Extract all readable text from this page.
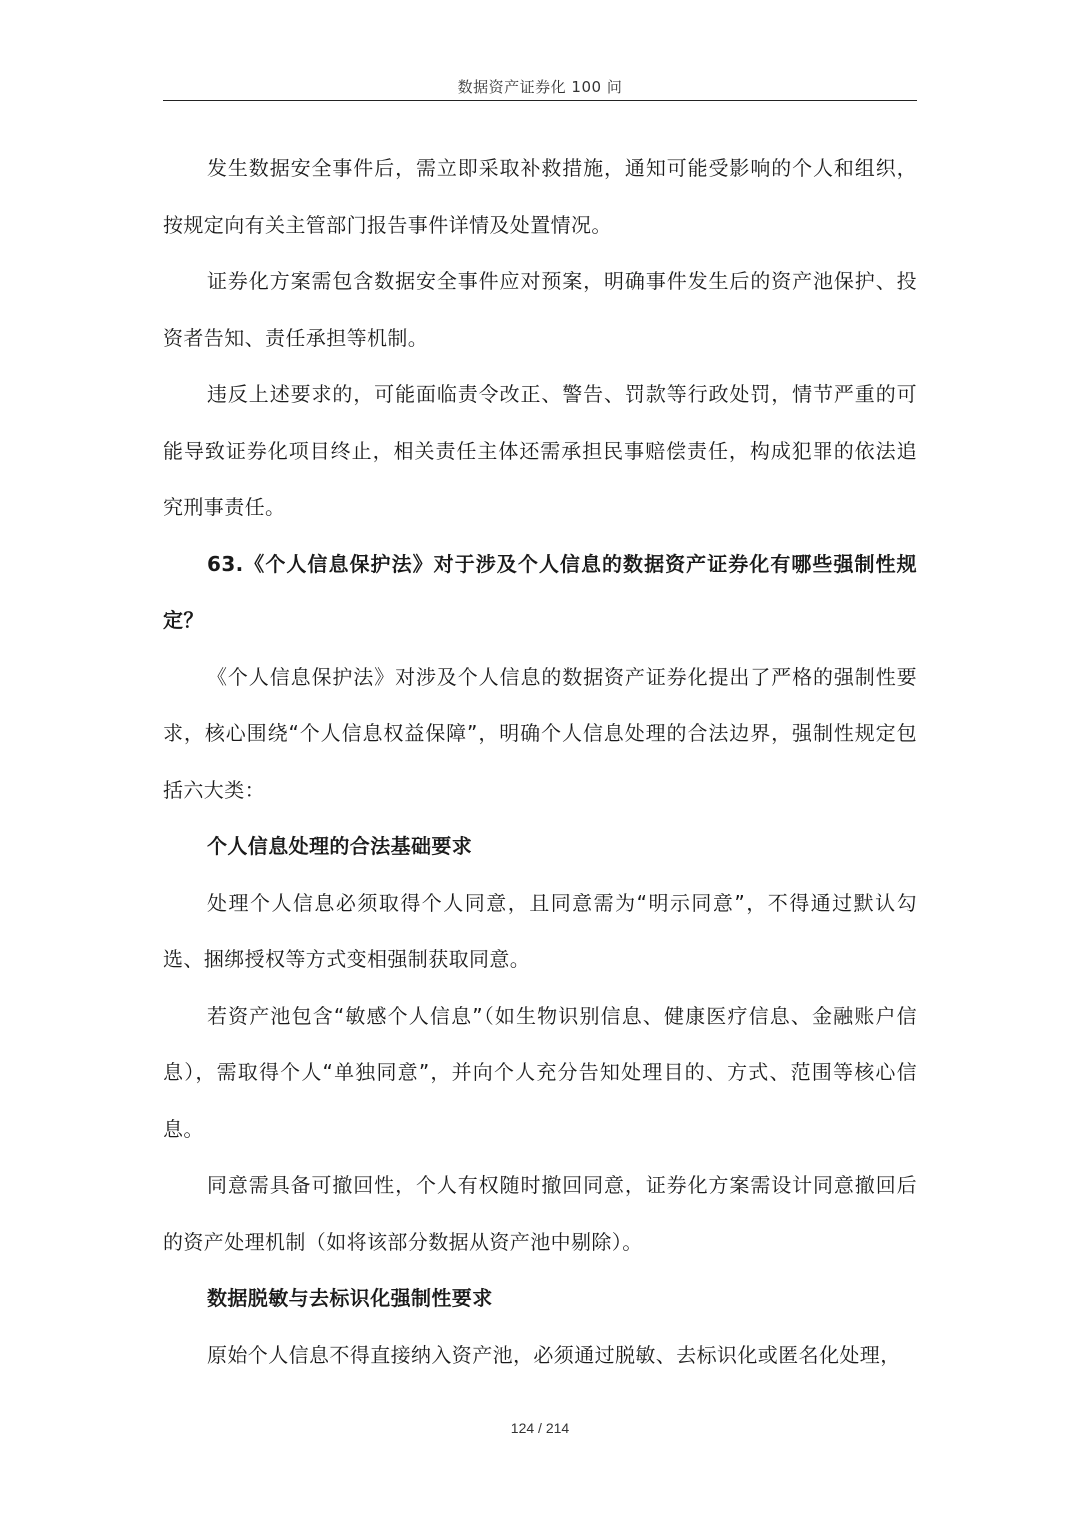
数据资产证券化 100 问

发生数据安全事件后，需立即采取补救措施，通知可能受影响的个人和组织，按规定向有关主管部门报告事件详情及处置情况。

证券化方案需包含数据安全事件应对预案，明确事件发生后的资产池保护、投资者告知、责任承担等机制。

违反上述要求的，可能面临责令改正、警告、罚款等行政处罚，情节严重的可能导致证券化项目终止，相关责任主体还需承担民事赔偿责任，构成犯罪的依法追究刑事责任。

63.《个人信息保护法》对于涉及个人信息的数据资产证券化有哪些强制性规定？

《个人信息保护法》对涉及个人信息的数据资产证券化提出了严格的强制性要求，核心围绕“个人信息权益保障”，明确个人信息处理的合法边界，强制性规定包括六大类：

个人信息处理的合法基础要求

处理个人信息必须取得个人同意，且同意需为“明示同意”，不得通过默认勾选、捆绑授权等方式变相强制获取同意。

若资产池包含“敏感个人信息”（如生物识别信息、健康医疗信息、金融账户信息），需取得个人“单独同意”，并向个人充分告知处理目的、方式、范围等核心信息。

同意需具备可撤回性，个人有权随时撤回同意，证券化方案需设计同意撤回后的资产处理机制（如将该部分数据从资产池中剔除）。

数据脱敏与去标识化强制性要求

原始个人信息不得直接纳入资产池，必须通过脱敏、去标识化或匿名化处理，

124 / 214
